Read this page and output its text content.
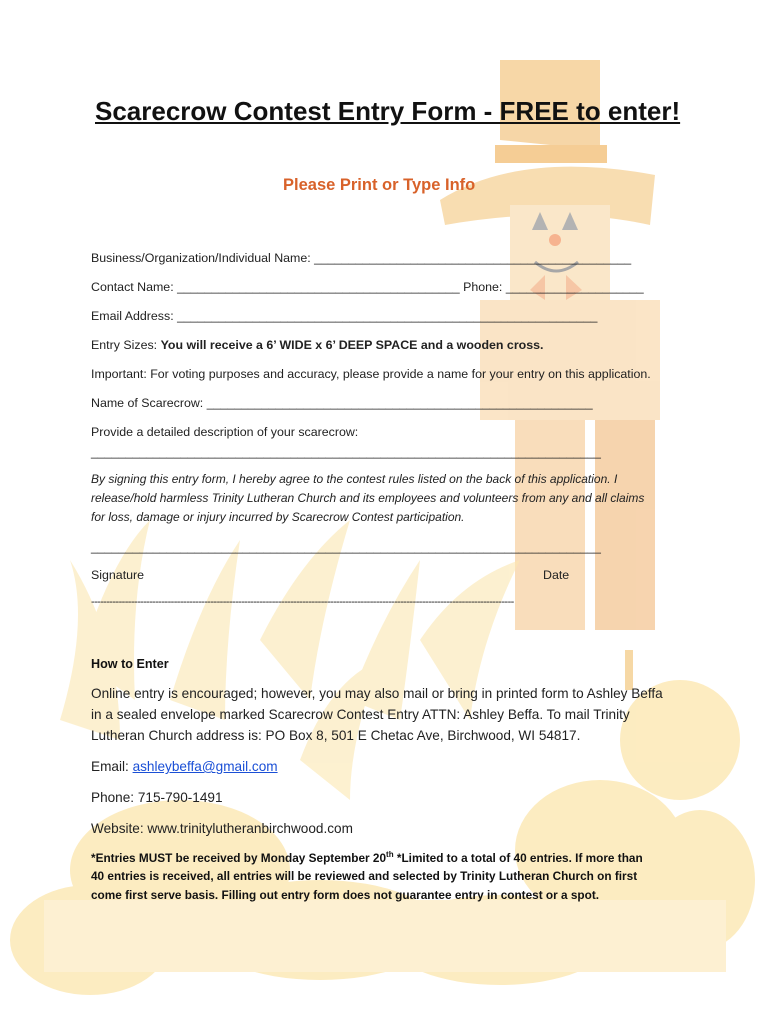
Scarecrow Contest Entry Form - FREE to enter!
Please Print or Type Info
Business/Organization/Individual Name: ______________________________________________
Contact Name: _________________________________________ Phone: ____________________
Email Address: _____________________________________________________________
Entry Sizes: You will receive a 6’ WIDE x 6’ DEEP SPACE and a wooden cross.
Important: For voting purposes and accuracy, please provide a name for your entry on this application.
Name of Scarecrow: ________________________________________________________
Provide a detailed description of your scarecrow:
__________________________________________________________________________
By signing this entry form, I hereby agree to the contest rules listed on the back of this application. I
release/hold harmless Trinity Lutheran Church and its employees and volunteers from any and all claims
for loss, damage or injury incurred by Scarecrow Contest participation.
__________________________________________________________________________
Signature	Date
------------------------------------------------------------------------------------------------------------------------------------------
How to Enter
Online entry is encouraged; however, you may also mail or bring in printed form to Ashley Beffa
in a sealed envelope marked Scarecrow Contest Entry ATTN: Ashley Beffa. To mail Trinity
Lutheran Church address is: PO Box 8, 501 E Chetac Ave, Birchwood, WI 54817.
Email: ashleybeffa@gmail.com
Phone: 715-790-1491
Website: www.trinitylutheranbirchwood.com
*Entries MUST be received by Monday September 20th *Limited to a total of 40 entries. If more than
40 entries is received, all entries will be reviewed and selected by Trinity Lutheran Church on first
come first serve basis. Filling out entry form does not guarantee entry in contest or a spot.
